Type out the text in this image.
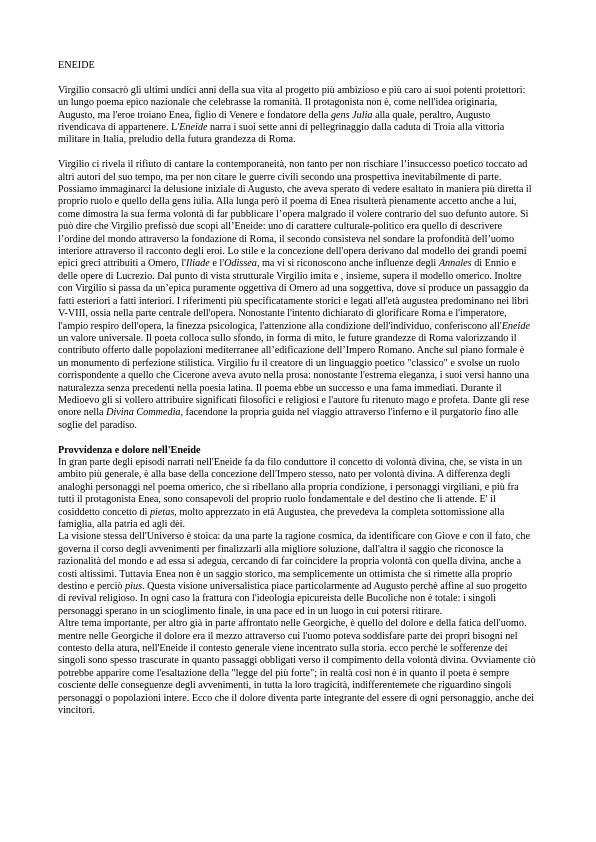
ENEIDE

Virgilio consacrò gli ultimi undici anni della sua vita al progetto più ambizioso e più caro ai suoi potenti protettori: un lungo poema epico nazionale che celebrasse la romanità. Il protagonista non è, come nell'idea originaria, Augusto, ma l'eroe troiano Enea, figlio di Venere e fondatore della gens Julia alla quale, peraltro, Augusto rivendicava di appartenere. L'Eneide narra i suoi sette anni di pellegrinaggio dalla caduta di Troia alla vittoria militare in Italia, preludio della futura grandezza di Roma.

Virgilio ci rivela il rifiuto di cantare la contemporaneità, non tanto per non rischiare l’insuccesso poetico toccato ad altri autori del suo tempo, ma per non citare le guerre civili secondo una prospettiva inevitabilmente di parte. Possiamo immaginarci la delusione iniziale di Augusto, che aveva sperato di vedere esaltato in maniera più diretta il proprio ruolo e quello della gens iulia. Alla lunga però il poema di Enea risulterà pienamente accetto anche a lui, come dimostra la sua ferma volontà di far pubblicare l’opera malgrado il volere contrario del suo defunto autore. Si può dire che Virgilio prefissò due scopi all’Eneide: uno di carattere culturale-politico era quello di descrivere l’ordine del mondo attraverso la fondazione di Roma, il secondo consisteva nel sondare la profondità dell’uomo interiore attraverso il racconto degli eroi. Lo stile e la concezione dell'opera derivano dal modello dei grandi poemi epici greci attribuiti a Omero, l'Iliade e l'Odissea, ma vi si riconoscono anche influenze degli Annales di Ennio e delle opere di Lucrezio. Dal punto di vista strutturale Virgilio imita e , insieme, supera il modello omerico. Inoltre con Virgilio si passa da un’epica puramente oggettiva di Omero ad una soggettiva, dove si produce un passaggio da fatti esteriori a fatti interiori. I riferimenti più specificatamente storici e legati all'età augustea predominano nei libri V-VIII, ossia nella parte centrale dell'opera. Nonostante l'intento dichiarato di glorificare Roma e l'imperatore, l'ampio respiro dell'opera, la finezza psicologica, l'attenzione alla condizione dell'individuo, conferiscono all'Eneide un valore universale. Il poeta colloca sullo sfondo, in forma di mito, le future grandezze di Roma valorizzando il contributo offerto dalle popolazioni mediterranee all’edificazione dell’Impero Romano. Anche sul piano formale è un monumento di perfezione stilistica. Virgilio fu il creatore di un linguaggio poetico "classico" e svolse un ruolo corrispondente a quello che Cicerone aveva avuto nella prosa: nonostante l'estrema eleganza, i suoi versi hanno una naturalezza senza precedenti nella poesia latina. Il poema ebbe un successo e una fama immediati. Durante il Medioevo gli si vollero attribuire significati filosofici e religiosi e l'autore fu ritenuto mago e profeta. Dante gli rese onore nella Divina Commedia, facendone la propria guida nel viaggio attraverso l'inferno e il purgatorio fino alle soglie del paradiso.

Provvidenza e dolore nell'Eneide

In gran parte degli episodi narrati nell'Eneide fa da filo conduttore il concetto di volontà divina, che, se vista in un ambito più generale, è alla base della concezione dell'Impero stesso, nato per volontà divina. A differenza degli analoghi personaggi nel poema omerico, che si ribellano alla propria condizione, i personaggi virgiliani, e più fra tutti il protagonista Enea, sono consapevoli del proprio ruolo fondamentale e del destino che li attende. E' il cosiddetto concetto di pietas, molto apprezzato in età Augustea, che prevedeva la completa sottomissione alla famiglia, alla patria ed agli dèi.

La visione stessa dell'Universo è stoica: da una parte la ragione cosmica, da identificare con Giove e con il fato, che governa il corso degli avvenimenti per finalizzarli alla migliore soluzione, dall'altra il saggio che riconosce la razionalità del mondo e ad essa si adegua, cercando di far coincidere la propria volontà con quella divina, anche a costi altissimi. Tuttavia Enea non è un saggio storico, ma semplicemente un ottimista che si rimette alla proprio destino e perciò pius. Questa visione universalistica piace particolarmente ad Augusto perchè affine al suo progetto di revival religioso. In ogni caso la frattura con l'ideologia epicureista delle Bucoliche non è totale: i singoli personaggi sperano in un scioglimento finale, in una pace ed in un luogo in cui potersi ritirare.

Altre tema importante, per altro già in parte affrontato nelle Georgiche, è quello del dolore e della fatica dell'uomo. mentre nelle Georgiche il dolore era il mezzo attraverso cui l'uomo poteva soddisfare parte dei propri bisogni nel contesto della atura, nell'Eneide il contesto generale viene incentrato sulla storia. ecco perchè le sofferenze dei singoli sono spesso trascurate in quanto passaggi obbligati verso il compimento della volontà divina. Ovviamente ciò potrebbe apparire come l'esaltazione della "legge del più forte"; in realtà così non è in quanto il poeta è sempre cosciente delle conseguenze degli avvenimenti, in tutta la loro tragicità, indifferentemete che riguardino singoli personaggi o popolazioni intere. Ecco che il dolore diventa parte integrante del essere di ogni personaggio, anche dei vincitori.
